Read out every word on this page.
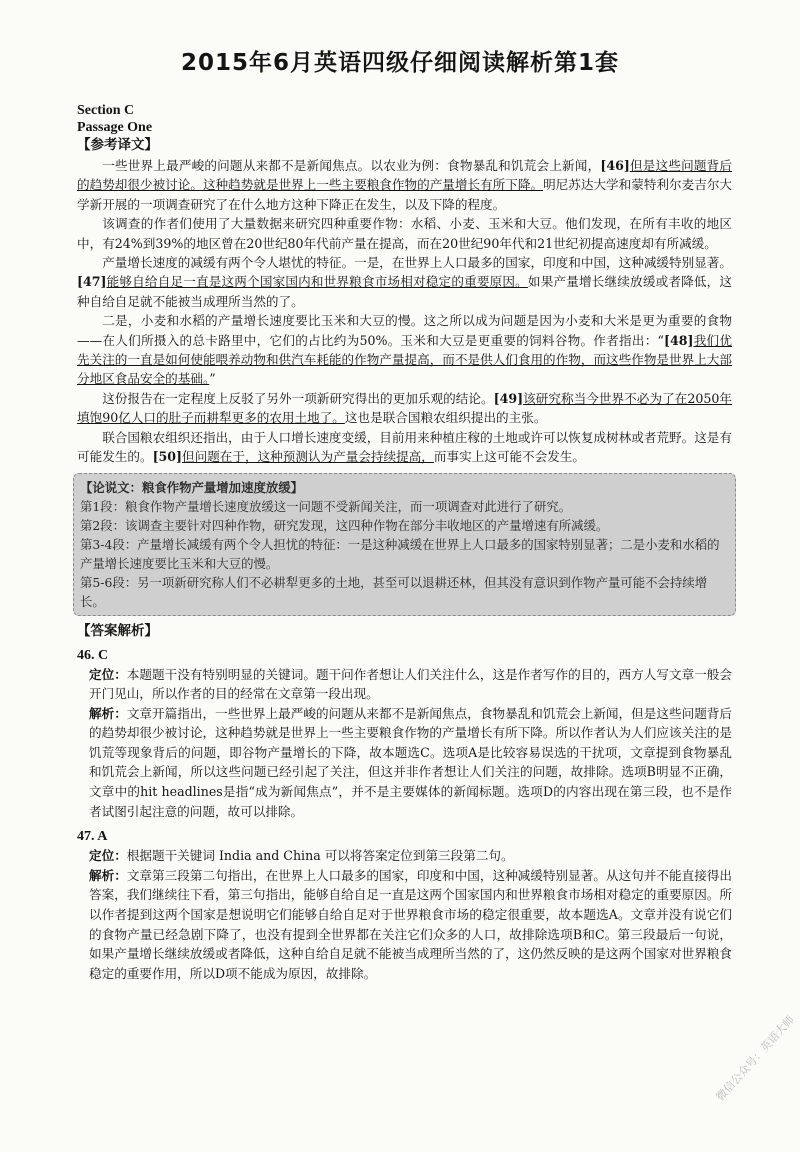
2015年6月英语四级仔细阅读解析第1套
Section C
Passage One
【参考译文】

一些世界上最严峻的问题从来都不是新闻焦点。以农业为例：食物暴乱和饥荒会上新闻，[46]但是这些问题背后的趋势却很少被讨论。这种趋势就是世界上一些主要粮食作物的产量增长有所下降。明尼苏达大学和蒙特利尔麦吉尔大学新开展的一项调查研究了在什么地方这种下降正在发生，以及下降的程度。

该调查的作者们使用了大量数据来研究四种重要作物：水稻、小麦、玉米和大豆。他们发现，在所有丰收的地区中，有24%到39%的地区曾在20世纪80年代前产量在提高，而在20世纪90年代和21世纪初提高速度却有所减缓。

产量增长速度的减缓有两个令人堪忧的特征。一是，在世界上人口最多的国家，印度和中国，这种减缓特别显著。[47]能够自给自足一直是这两个国家国内和世界粮食市场相对稳定的重要原因。如果产量增长继续放缓或者降低，这种自给自足就不能被当成理所当然的了。

二是，小麦和水稻的产量增长速度要比玉米和大豆的慢。这之所以成为问题是因为小麦和大米是更为重要的食物——在人们所摄入的总卡路里中，它们的占比约为50%。玉米和大豆是更重要的饲料谷物。作者指出：“[48]我们优先关注的一直是如何使能喂养动物和供汽车耗能的作物产量提高，而不是供人们食用的作物，而这些作物是世界上大部分地区食品安全的基础。”

这份报告在一定程度上反驳了另外一项新研究得出的更加乐观的结论。[49]该研究称当今世界不必为了在2050年填饱90亿人口的肚子而耕犁更多的农用土地了。这也是联合国粮农组织提出的主张。

联合国粮农组织还指出，由于人口增长速度变缓，目前用来种植庄稼的土地或许可以恢复成树林或者荒野。这是有可能发生的。[50]但问题在于，这种预测认为产量会持续提高，而事实上这可能不会发生。

【论说文：粮食作物产量增加速度放缓】
第1段：粮食作物产量增长速度放缓这一问题不受新闻关注，而一项调查对此进行了研究。
第2段：该调查主要针对四种作物，研究发现，这四种作物在部分丰收地区的产量增速有所减缓。
第3-4段：产量增长减缓有两个令人担忧的特征：一是这种减缓在世界上人口最多的国家特别显著；二是小麦和水稻的产量增长速度要比玉米和大豆的慢。
第5-6段：另一项新研究称人们不必耕犁更多的土地，甚至可以退耕还林，但其没有意识到作物产量可能不会持续增长。
【答案解析】
46. C

定位：本题题干没有特别明显的关键词。题干问作者想让人们关注什么，这是作者写作的目的，西方人写文章一般会开门见山，所以作者的目的经常在文章第一段出现。

解析：文章开篇指出，一些世界上最严峻的问题从来都不是新闻焦点，食物暴乱和饥荒会上新闻，但是这些问题背后的趋势却很少被讨论，这种趋势就是世界上一些主要粮食作物的产量增长有所下降。所以作者认为人们应该关注的是饥荒等现象背后的问题，即谷物产量增长的下降，故本题选C。选项A是比较容易误选的干扰项，文章提到食物暴乱和饥荒会上新闻，所以这些问题已经引起了关注，但这并非作者想让人们关注的问题，故排除。选项B明显不正确，文章中的hit headlines是指“成为新闻焦点”，并不是主要媒体的新闻标题。选项D的内容出现在第三段，也不是作者试图引起注意的问题，故可以排除。

47. A

定位：根据题干关键词 India and China 可以将答案定位到第三段第二句。

解析：文章第三段第二句指出，在世界上人口最多的国家，印度和中国，这种减缓特别显著。从这句并不能直接得出答案，我们继续往下看，第三句指出，能够自给自足一直是这两个国家国内和世界粮食市场相对稳定的重要原因。所以作者提到这两个国家是想说明它们能够自给自足对于世界粮食市场的稳定很重要，故本题选A。文章并没有说它们的食物产量已经急剧下降了，也没有提到全世界都在关注它们众多的人口，故排除选项B和C。第三段最后一句说，如果产量增长继续放缓或者降低，这种自给自足就不能被当成理所当然的了，这仍然反映的是这两个国家对世界粮食稳定的重要作用，所以D项不能成为原因，故排除。

微信公众号：英语大师
